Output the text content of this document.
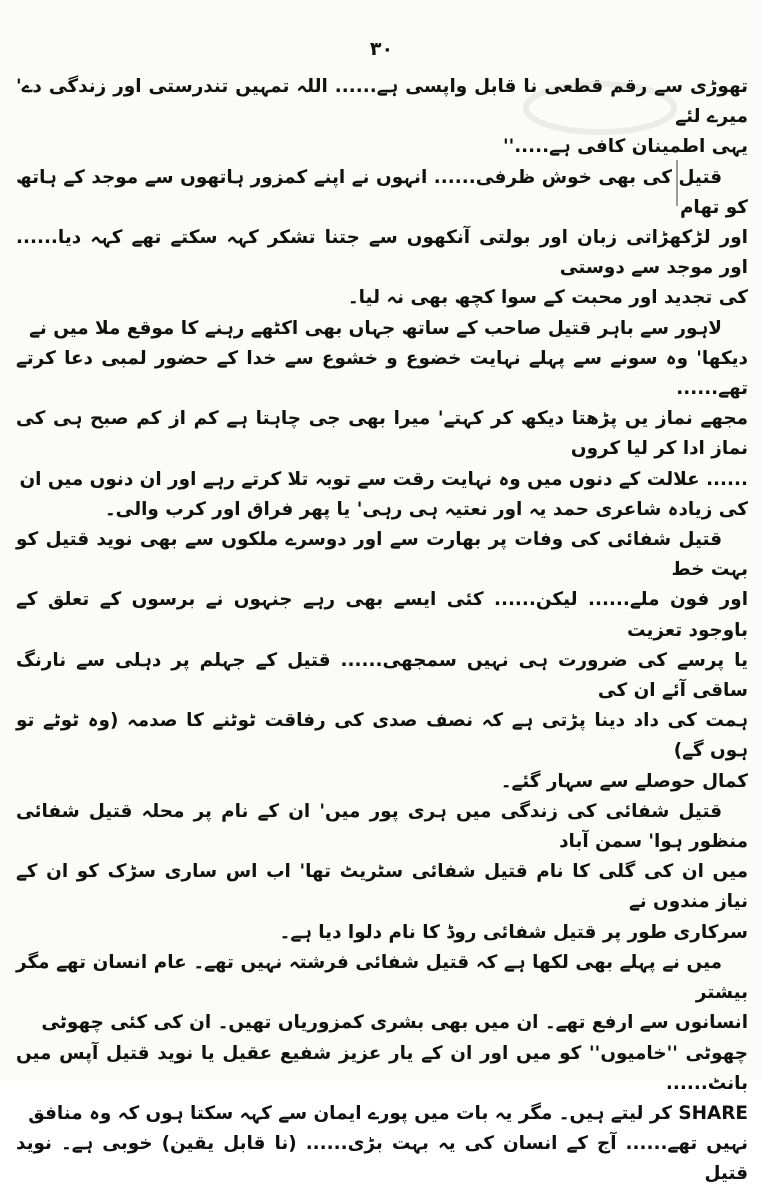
۳۰

تھوڑی سے رقم قطعی نا قابل واپسی ہے...... اللہ تمہیں تندرستی اور زندگی دے' میرے لئے

یہی اطمینان کافی ہے.....''

قتیل کی بھی خوش ظرفی...... انہوں نے اپنے کمزور ہاتھوں سے موجد کے ہاتھ کو تھام

اور لڑکھڑاتی زبان اور بولتی آنکھوں سے جتنا تشکر کہہ سکتے تھے کہہ دیا...... اور موجد سے دوستی

کی تجدید اور محبت کے سوا کچھ بھی نہ لیا۔

لاہور سے باہر قتیل صاحب کے ساتھ جہاں بھی اکٹھے رہنے کا موقع ملا میں نے

دیکھا' وہ سونے سے پہلے نہایت خضوع و خشوع سے خدا کے حضور لمبی دعا کرتے تھے......

مجھے نماز یں پڑھتا دیکھ کر کہتے' میرا بھی جی چاہتا ہے کم از کم صبح ہی کی نماز ادا کر لیا کروں

...... علالت کے دنوں میں وہ نہایت رقت سے توبہ تلا کرتے رہے اور ان دنوں میں ان

کی زیادہ شاعری حمد یہ اور نعتیہ ہی رہی' یا پھر فراق اور کرب والی۔

قتیل شفائی کی وفات پر بھارت سے اور دوسرے ملکوں سے بھی نوید قتیل کو بہت خط

اور فون ملے...... لیکن...... کئی ایسے بھی رہے جنہوں نے برسوں کے تعلق کے باوجود تعزیت

یا پرسے کی ضرورت ہی نہیں سمجھی...... قتیل کے جہلم پر دہلی سے نارنگ ساقی آئے ان کی

ہمت کی داد دینا پڑتی ہے کہ نصف صدی کی رفاقت ٹوٹنے کا صدمہ (وہ ٹوٹے تو ہوں گے)

کمال حوصلے سے سہار گئے۔

قتیل شفائی کی زندگی میں ہری پور میں' ان کے نام پر محلہ قتیل شفائی منظور ہوا' سمن آباد

میں ان کی گلی کا نام قتیل شفائی سٹریٹ تھا' اب اس ساری سڑک کو ان کے نیاز مندوں نے

سرکاری طور پر قتیل شفائی روڈ کا نام دلوا دیا ہے۔

میں نے پہلے بھی لکھا ہے کہ قتیل شفائی فرشتہ نہیں تھے۔ عام انسان تھے مگر بیشتر

انسانوں سے ارفع تھے۔ ان میں بھی بشری کمزوریاں تھیں۔ ان کی کئی چھوٹی

چھوٹی ''خامیوں'' کو میں اور ان کے یار عزیز شفیع عقیل یا نوید قتیل آپس میں بانٹ......

SHARE کر لیتے ہیں۔ مگر یہ بات میں پورے ایمان سے کہہ سکتا ہوں کہ وہ منافق

نہیں تھے...... آج کے انسان کی یہ بہت بڑی...... (نا قابل یقین) خوبی ہے۔ نوید قتیل
